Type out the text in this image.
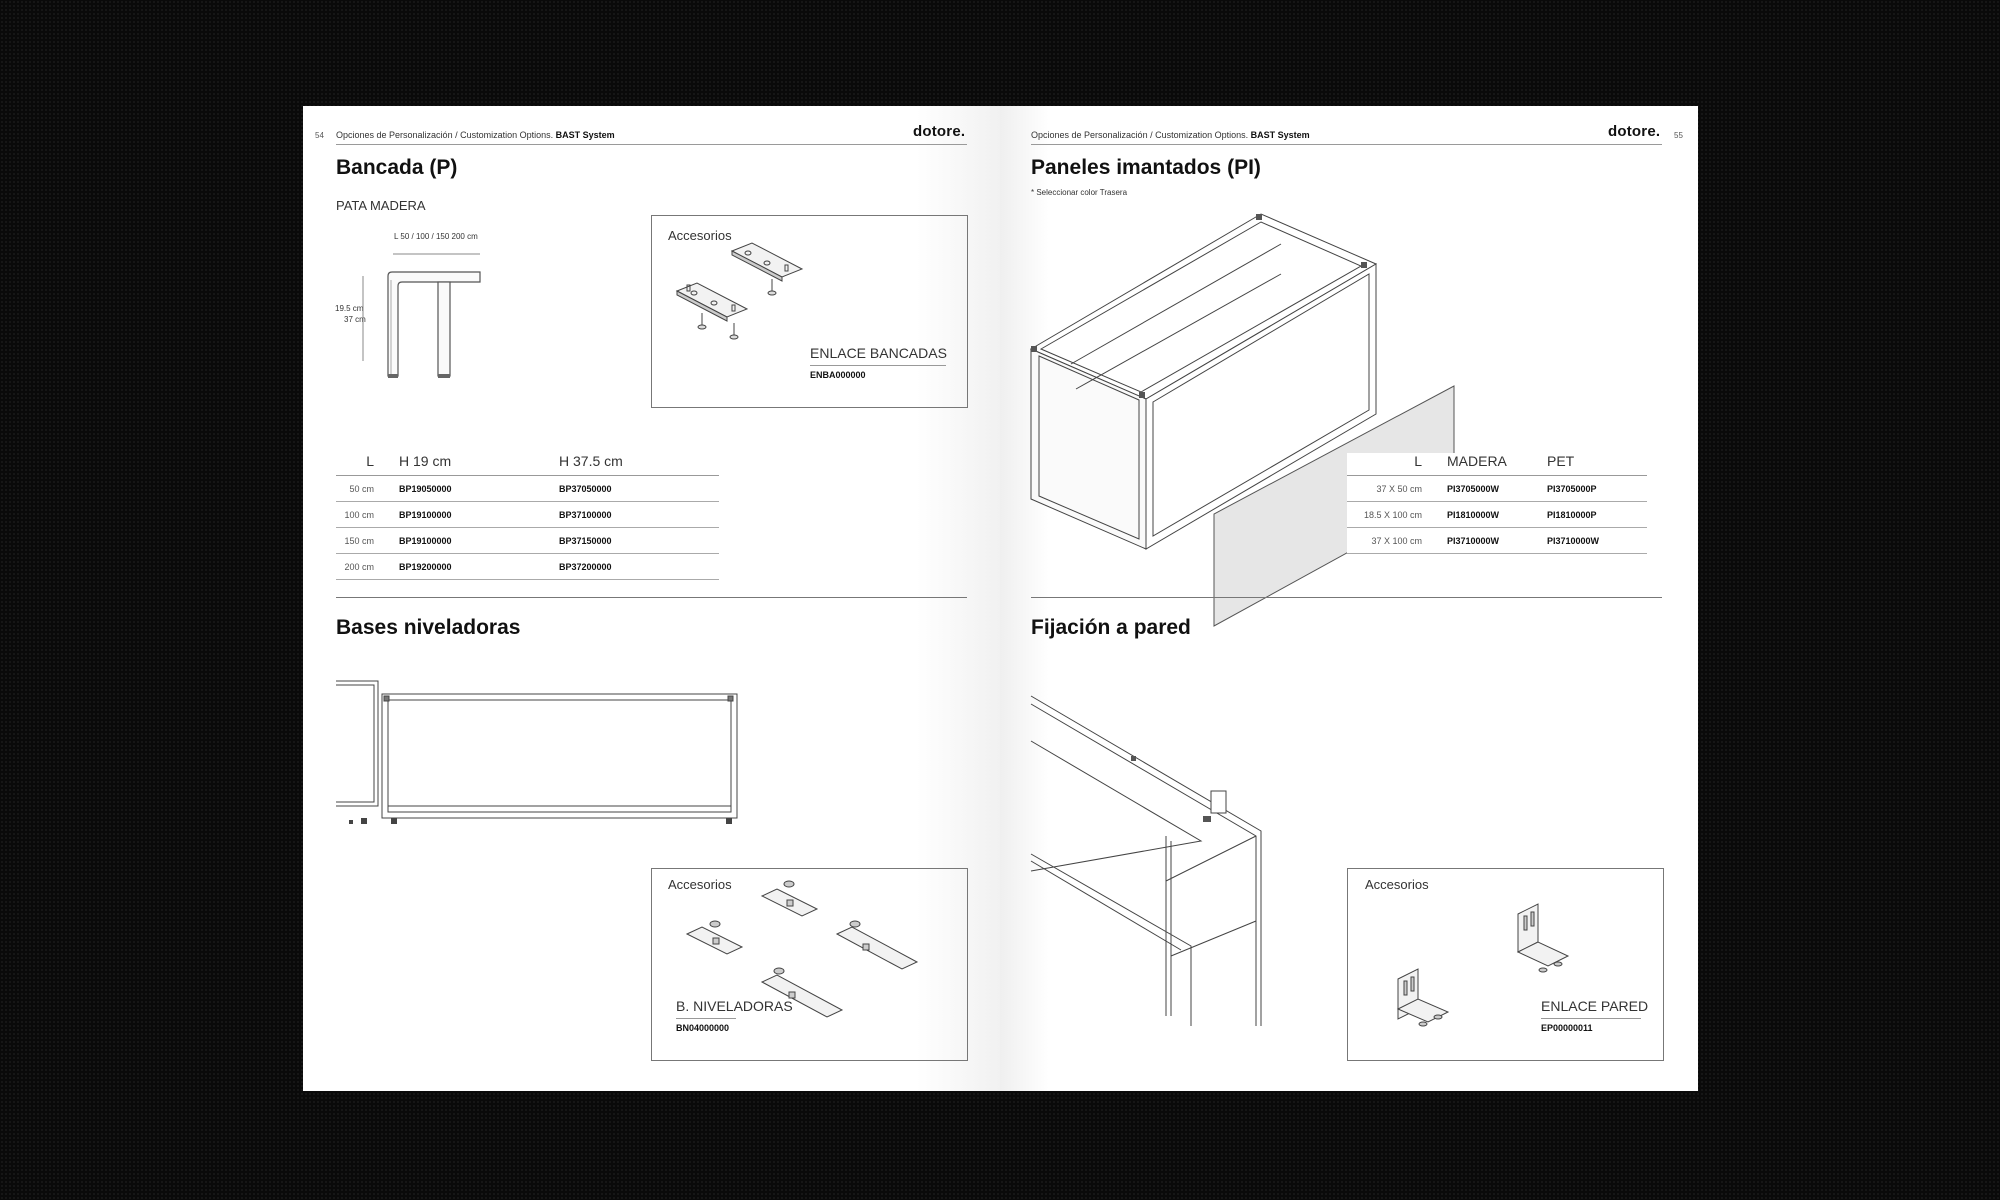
54 Opciones de Personalización / Customization Options. BAST System	dotore.
Bancada (P)
PATA MADERA
L 50 / 100 / 150 200 cm
19.5 cm
37 cm
Accesorios
ENLACE BANCADAS
ENBA000000
L	H 19 cm	H 37.5 cm
50 cm	BP19050000	BP37050000
100 cm	BP19100000	BP37100000
150 cm	BP19100000	BP37150000
200 cm	BP19200000	BP37200000
Bases niveladoras
Accesorios
B. NIVELADORAS
BN04000000
Opciones de Personalización / Customization Options. BAST System	dotore. 55
Paneles imantados (PI)
* Seleccionar color Trasera
L	MADERA	PET
37 X 50 cm	PI3705000W	PI3705000P
18.5 X 100 cm	PI1810000W	PI1810000P
37 X 100 cm	PI3710000W	PI3710000W
Fijación a pared
Accesorios
ENLACE PARED
EP00000011
